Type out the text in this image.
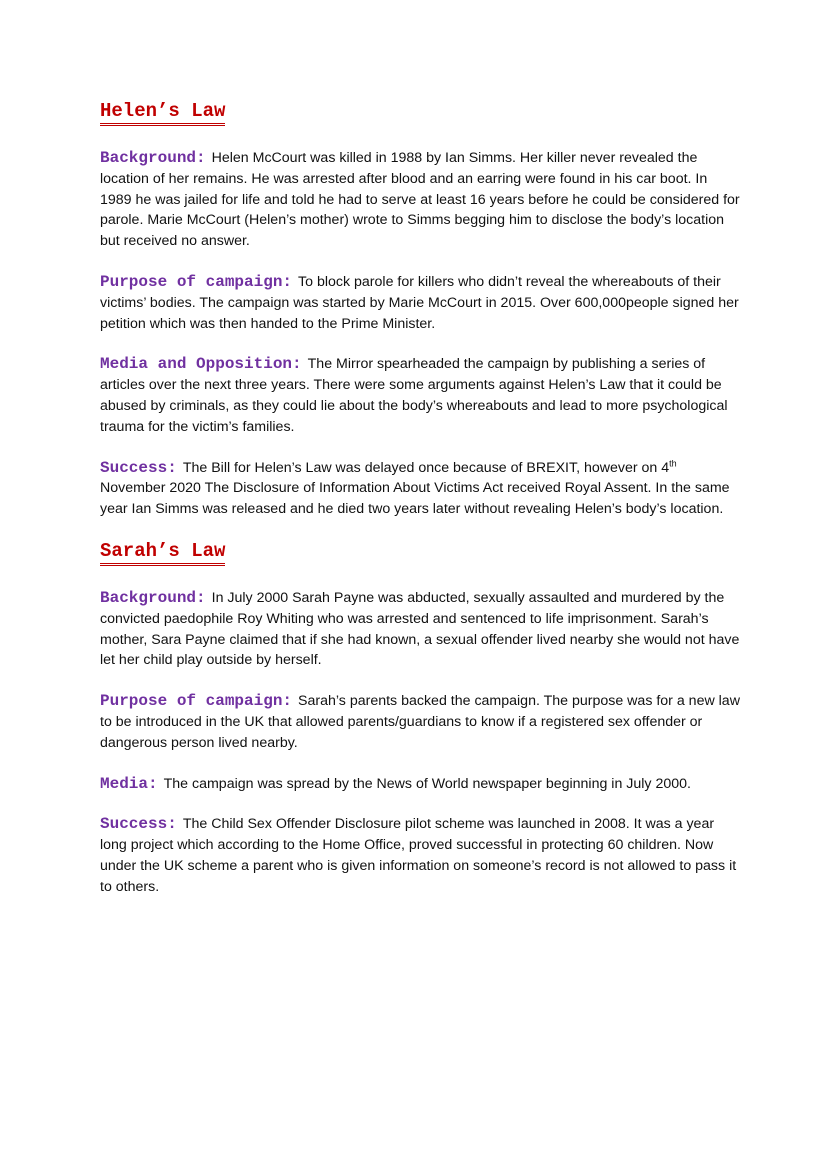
Helen’s Law

Background: Helen McCourt was killed in 1988 by Ian Simms. Her killer never revealed the location of her remains. He was arrested after blood and an earring were found in his car boot. In 1989 he was jailed for life and told he had to serve at least 16 years before he could be considered for parole. Marie McCourt (Helen’s mother) wrote to Simms begging him to disclose the body’s location but received no answer.

Purpose of campaign: To block parole for killers who didn’t reveal the whereabouts of their victims’ bodies. The campaign was started by Marie McCourt in 2015. Over 600,000people signed her petition which was then handed to the Prime Minister.

Media and Opposition: The Mirror spearheaded the campaign by publishing a series of articles over the next three years. There were some arguments against Helen’s Law that it could be abused by criminals, as they could lie about the body’s whereabouts and lead to more psychological trauma for the victim’s families.

Success: The Bill for Helen’s Law was delayed once because of BREXIT, however on 4th November 2020 The Disclosure of Information About Victims Act received Royal Assent. In the same year Ian Simms was released and he died two years later without revealing Helen’s body’s location.

Sarah’s Law

Background: In July 2000 Sarah Payne was abducted, sexually assaulted and murdered by the convicted paedophile Roy Whiting who was arrested and sentenced to life imprisonment. Sarah’s mother, Sara Payne claimed that if she had known, a sexual offender lived nearby she would not have let her child play outside by herself.

Purpose of campaign: Sarah’s parents backed the campaign. The purpose was for a new law to be introduced in the UK that allowed parents/guardians to know if a registered sex offender or dangerous person lived nearby.

Media: The campaign was spread by the News of World newspaper beginning in July 2000.

Success: The Child Sex Offender Disclosure pilot scheme was launched in 2008. It was a year long project which according to the Home Office, proved successful in protecting 60 children. Now under the UK scheme a parent who is given information on someone’s record is not allowed to pass it to others.
